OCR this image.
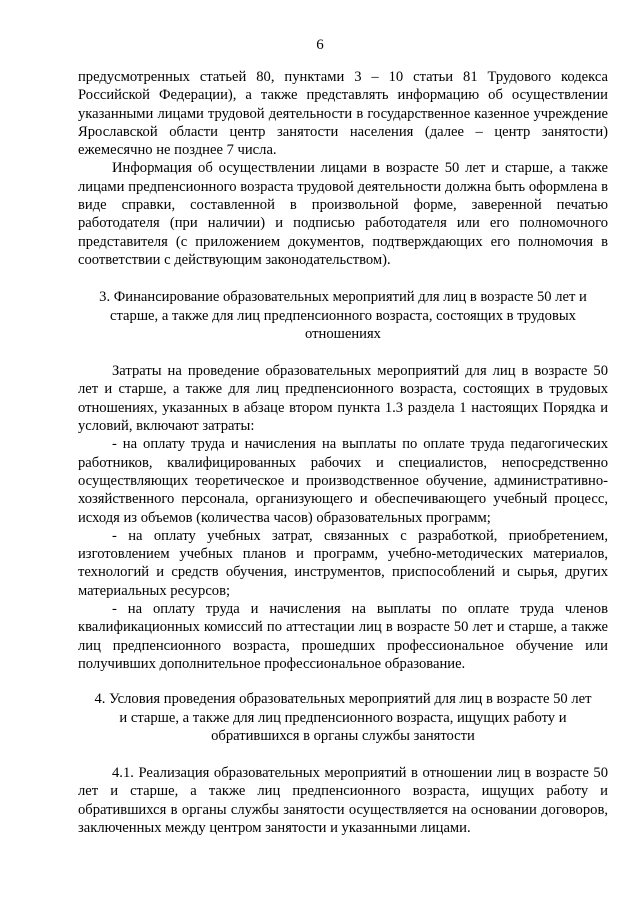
6

предусмотренных статьей 80, пунктами 3 – 10 статьи 81 Трудового кодекса Российской Федерации), а также представлять информацию об осуществлении указанными лицами трудовой деятельности в государственное казенное учреждение Ярославской области центр занятости населения (далее – центр занятости) ежемесячно не позднее 7 числа.

Информация об осуществлении лицами в возрасте 50 лет и старше, а также лицами предпенсионного возраста трудовой деятельности должна быть оформлена в виде справки, составленной в произвольной форме, заверенной печатью работодателя (при наличии) и подписью работодателя или его полномочного представителя (с приложением документов, подтверждающих его полномочия в соответствии с действующим законодательством).

3. Финансирование образовательных мероприятий для лиц в возрасте 50 лет и старше, а также для лиц предпенсионного возраста, состоящих в трудовых отношениях

Затраты на проведение образовательных мероприятий для лиц в возрасте 50 лет и старше, а также для лиц предпенсионного возраста, состоящих в трудовых отношениях, указанных в абзаце втором пункта 1.3 раздела 1 настоящих Порядка и условий, включают затраты:

- на оплату труда и начисления на выплаты по оплате труда педагогических работников, квалифицированных рабочих и специалистов, непосредственно осуществляющих теоретическое и производственное обучение, административно-хозяйственного персонала, организующего и обеспечивающего учебный процесс, исходя из объемов (количества часов) образовательных программ;

- на оплату учебных затрат, связанных с разработкой, приобретением, изготовлением учебных планов и программ, учебно-методических материалов, технологий и средств обучения, инструментов, приспособлений и сырья, других материальных ресурсов;

- на оплату труда и начисления на выплаты по оплате труда членов квалификационных комиссий по аттестации лиц в возрасте 50 лет и старше, а также лиц предпенсионного возраста, прошедших профессиональное обучение или получивших дополнительное профессиональное образование.

4. Условия проведения образовательных мероприятий для лиц в возрасте 50 лет и старше, а также для лиц предпенсионного возраста, ищущих работу и обратившихся в органы службы занятости

4.1. Реализация образовательных мероприятий в отношении лиц в возрасте 50 лет и старше, а также лиц предпенсионного возраста, ищущих работу и обратившихся в органы службы занятости осуществляется на основании договоров, заключенных между центром занятости и указанными лицами.
